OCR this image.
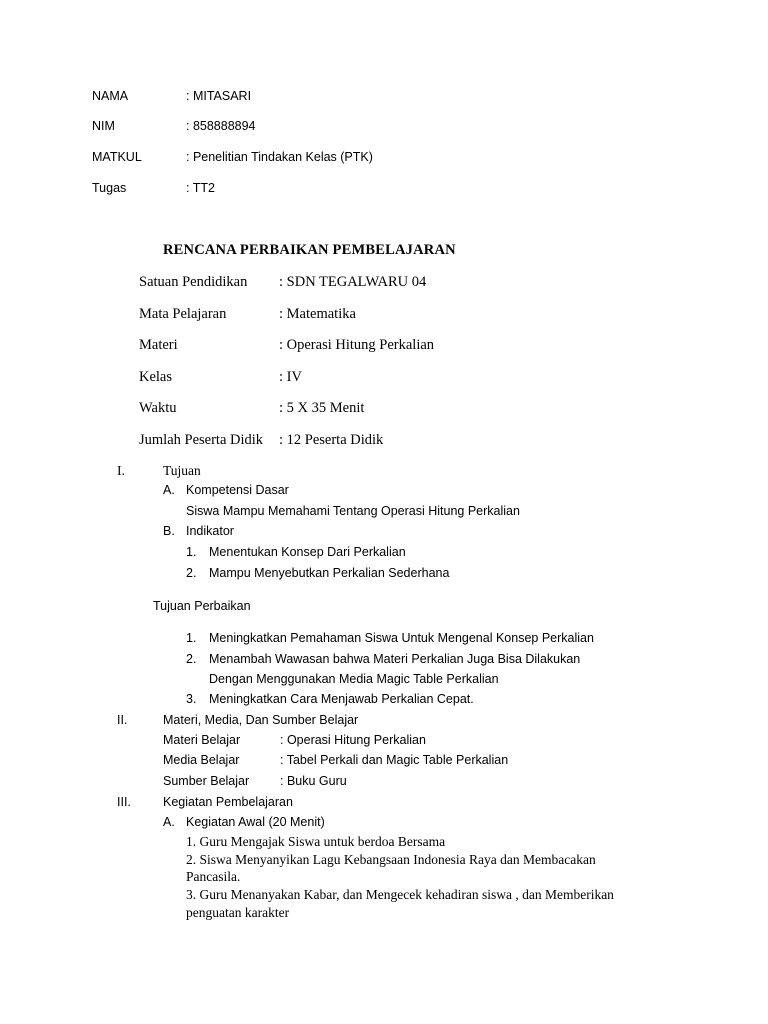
NAMA	: MITASARI
NIM	: 858888894
MATKUL	: Penelitian Tindakan Kelas (PTK)
Tugas	: TT2
RENCANA PERBAIKAN PEMBELAJARAN
Satuan Pendidikan : SDN TEGALWARU 04
Mata Pelajaran	: Matematika
Materi	: Operasi Hitung Perkalian
Kelas	: IV
Waktu	: 5 X 35 Menit
Jumlah Peserta Didik : 12 Peserta Didik
I.	Tujuan
A. Kompetensi Dasar
Siswa Mampu Memahami Tentang Operasi Hitung Perkalian
B. Indikator
1. Menentukan Konsep Dari Perkalian
2. Mampu Menyebutkan Perkalian Sederhana
Tujuan Perbaikan
1. Meningkatkan Pemahaman Siswa Untuk Mengenal Konsep Perkalian
2. Menambah Wawasan bahwa Materi Perkalian Juga Bisa Dilakukan
Dengan Menggunakan Media Magic Table Perkalian
3. Meningkatkan Cara Menjawab Perkalian Cepat.
II.	Materi, Media, Dan Sumber Belajar
Materi Belajar	: Operasi Hitung Perkalian
Media Belajar	: Tabel Perkali dan Magic Table Perkalian
Sumber Belajar : Buku Guru
III.	Kegiatan Pembelajaran
A. Kegiatan Awal (20 Menit)
1. Guru Mengajak Siswa untuk berdoa Bersama
2. Siswa Menyanyikan Lagu Kebangsaan Indonesia Raya dan Membacakan
Pancasila.
3. Guru Menanyakan Kabar, dan Mengecek kehadiran siswa , dan Memberikan
penguatan karakter
